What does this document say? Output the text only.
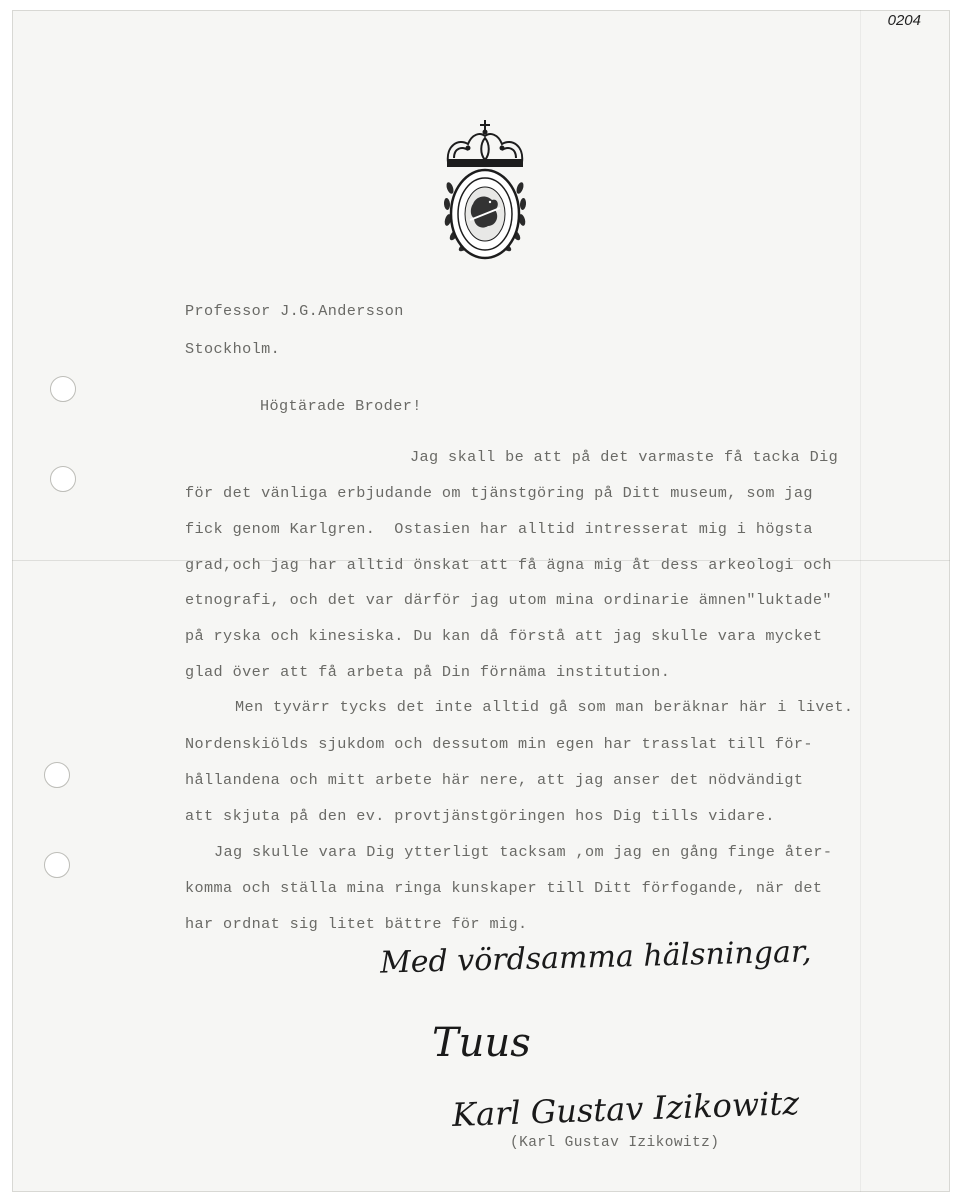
0204
Professor J.G.Andersson
Stockholm.
Högtärade Broder!
Jag skall be att på det varmaste få tacka Dig
för det vänliga erbjudande om tjänstgöring på Ditt museum, som jag
fick genom Karlgren.  Ostasien har alltid intresserat mig i högsta
grad,och jag har alltid önskat att få ägna mig åt dess arkeologi och
etnografi, och det var därför jag utom mina ordinarie ämnen"luktade"
på ryska och kinesiska. Du kan då förstå att jag skulle vara mycket
glad över att få arbeta på Din förnäma institution.
Men tyvärr tycks det inte alltid gå som man beräknar här i livet.
Nordenskiölds sjukdom och dessutom min egen har trasslat till för-
hållandena och mitt arbete här nere, att jag anser det nödvändigt
att skjuta på den ev. provtjänstgöringen hos Dig tills vidare.
Jag skulle vara Dig ytterligt tacksam ,om jag en gång finge åter-
komma och ställa mina ringa kunskaper till Ditt förfogande, när det
har ordnat sig litet bättre för mig.
Med vördsamma hälsningar,
Tuus
Karl Gustav Izikowitz
(Karl Gustav Izikowitz)
